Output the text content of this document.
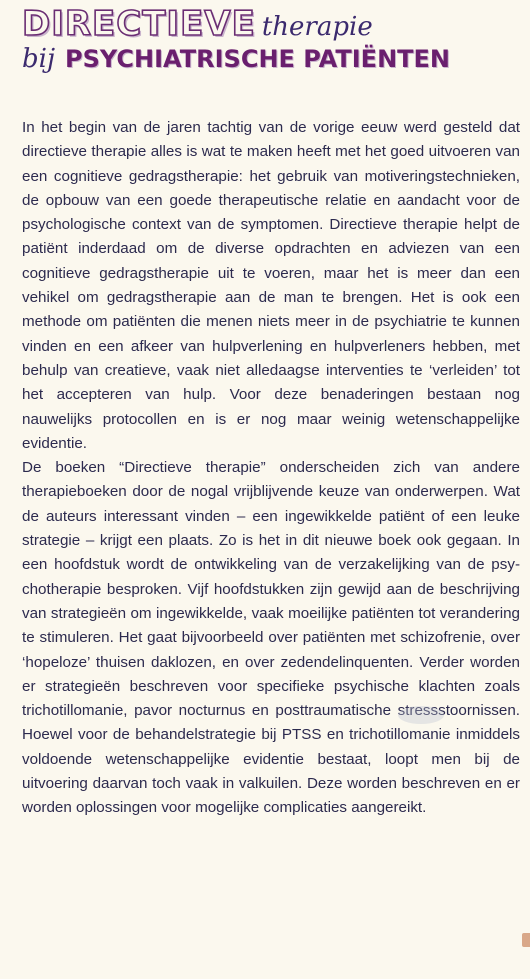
DIRECTIEVE therapie
bij PSYCHIATRISCHE PATIËNTEN

In het begin van de jaren tachtig van de vorige eeuw werd gesteld dat directieve therapie alles is wat te maken heeft met het goed uitvoeren van een cognitieve gedragstherapie: het gebruik van motiveringstechnieken, de opbouw van een goede therapeutische relatie en aandacht voor de psychologische context van de symptomen. Directieve therapie helpt de patiënt inderdaad om de diverse opdrachten en adviezen van een cognitieve gedragstherapie uit te voeren, maar het is meer dan een vehikel om gedragstherapie aan de man te brengen. Het is ook een methode om patiënten die menen niets meer in de psychiatrie te kunnen vinden en een afkeer van hulpverlening en hulpverleners hebben, met behulp van creatieve, vaak niet alledaagse interventies te ‘verleiden’ tot het accepteren van hulp. Voor deze benaderingen bestaan nog nauwelijks protocollen en is er nog maar weinig wetenschappelijke evidentie.

De boeken “Directieve therapie” onderscheiden zich van andere therapieboeken door de nogal vrijblijvende keuze van onderwerpen. Wat de auteurs interessant vinden – een ingewikkelde patiënt of een leuke strategie – krijgt een plaats. Zo is het in dit nieuwe boek ook gegaan. In een hoofdstuk wordt de ontwikkeling van de verzakelijking van de psychotherapie besproken. Vijf hoofdstukken zijn gewijd aan de beschrijving van strategieën om ingewikkelde, vaak moeilijke patiënten tot verandering te stimuleren. Het gaat bijvoorbeeld over patiënten met schizofrenie, over ‘hopeloze’ thuisen daklozen, en over zedendelinquenten. Verder worden er strategieën beschreven voor specifieke psychische klachten zoals trichotillomanie, pavor nocturnus en posttraumatische stressstoornissen. Hoewel voor de behandelstrategie bij PTSS en trichotillomanie inmiddels voldoende wetenschappelijke evidentie bestaat, loopt men bij de uitvoering daarvan toch vaak in valkuilen. Deze worden beschreven en er worden oplossingen voor mogelijke complicaties aangereikt.
